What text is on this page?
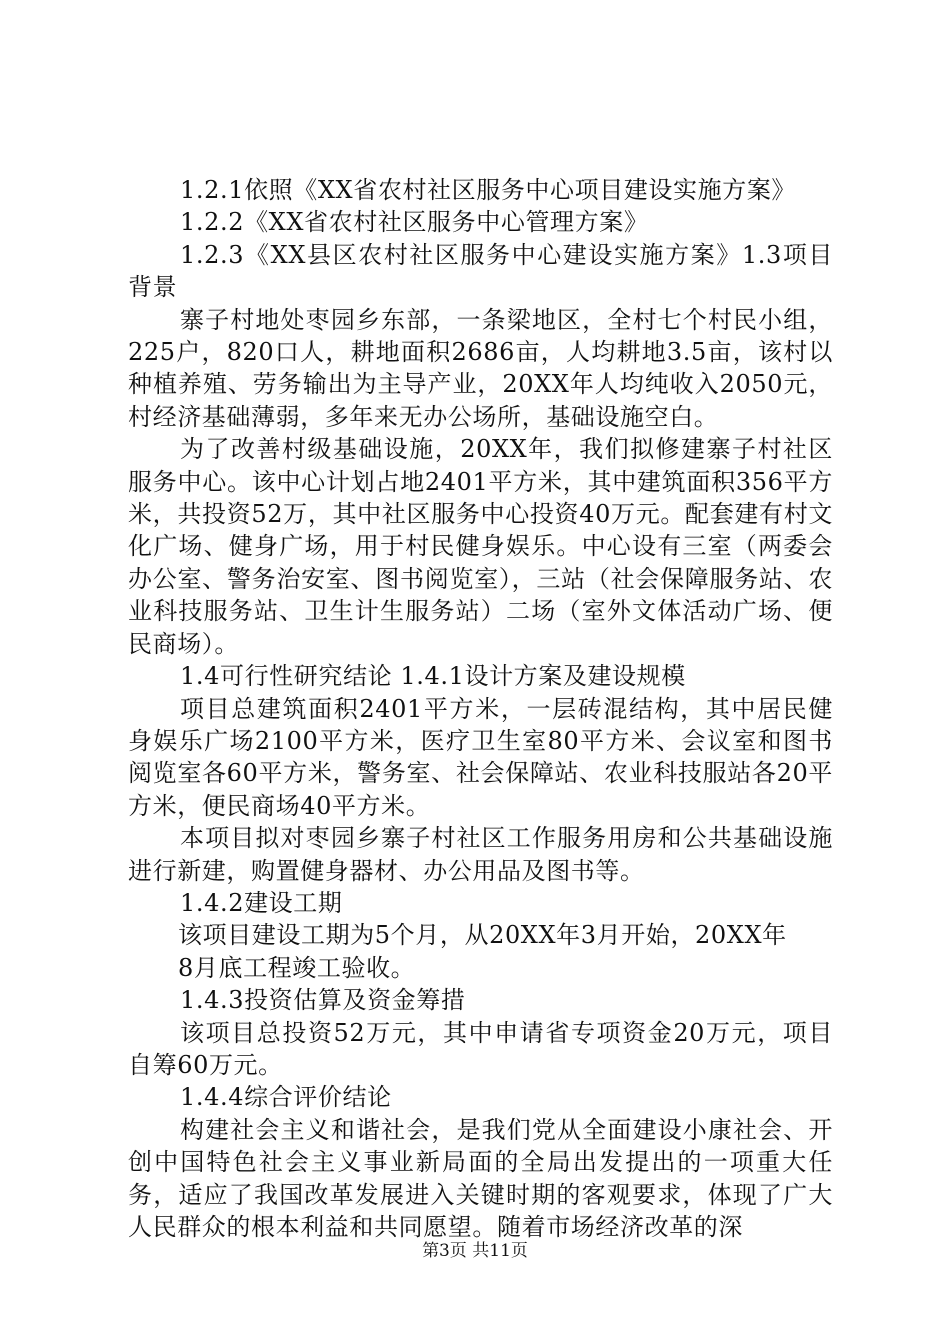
1.2.1依照《XX省农村社区服务中心项目建设实施方案》

1.2.2《XX省农村社区服务中心管理方案》

1.2.3《XX县区农村社区服务中心建设实施方案》1.3项目背景

寨子村地处枣园乡东部，一条梁地区，全村七个村民小组，225户，820口人，耕地面积2686亩，人均耕地3.5亩，该村以种植养殖、劳务输出为主导产业，20XX年人均纯收入2050元，村经济基础薄弱，多年来无办公场所，基础设施空白。

为了改善村级基础设施，20XX年，我们拟修建寨子村社区服务中心。该中心计划占地2401平方米，其中建筑面积356平方米，共投资52万，其中社区服务中心投资40万元。配套建有村文化广场、健身广场，用于村民健身娱乐。中心设有三室（两委会办公室、警务治安室、图书阅览室），三站（社会保障服务站、农业科技服务站、卫生计生服务站）二场（室外文体活动广场、便民商场）。

1.4可行性研究结论 1.4.1设计方案及建设规模

项目总建筑面积2401平方米，一层砖混结构，其中居民健身娱乐广场2100平方米，医疗卫生室80平方米、会议室和图书阅览室各60平方米，警务室、社会保障站、农业科技服站各20平方米，便民商场40平方米。

本项目拟对枣园乡寨子村社区工作服务用房和公共基础设施进行新建，购置健身器材、办公用品及图书等。

1.4.2建设工期

该项目建设工期为5个月，从20XX年3月开始，20XX年

8月底工程竣工验收。

1.4.3投资估算及资金筹措

该项目总投资52万元，其中申请省专项资金20万元，项目自筹60万元。

1.4.4综合评价结论

构建社会主义和谐社会，是我们党从全面建设小康社会、开创中国特色社会主义事业新局面的全局出发提出的一项重大任务，适应了我国改革发展进入关键时期的客观要求，体现了广大人民群众的根本利益和共同愿望。随着市场经济改革的深

第3页 共11页
